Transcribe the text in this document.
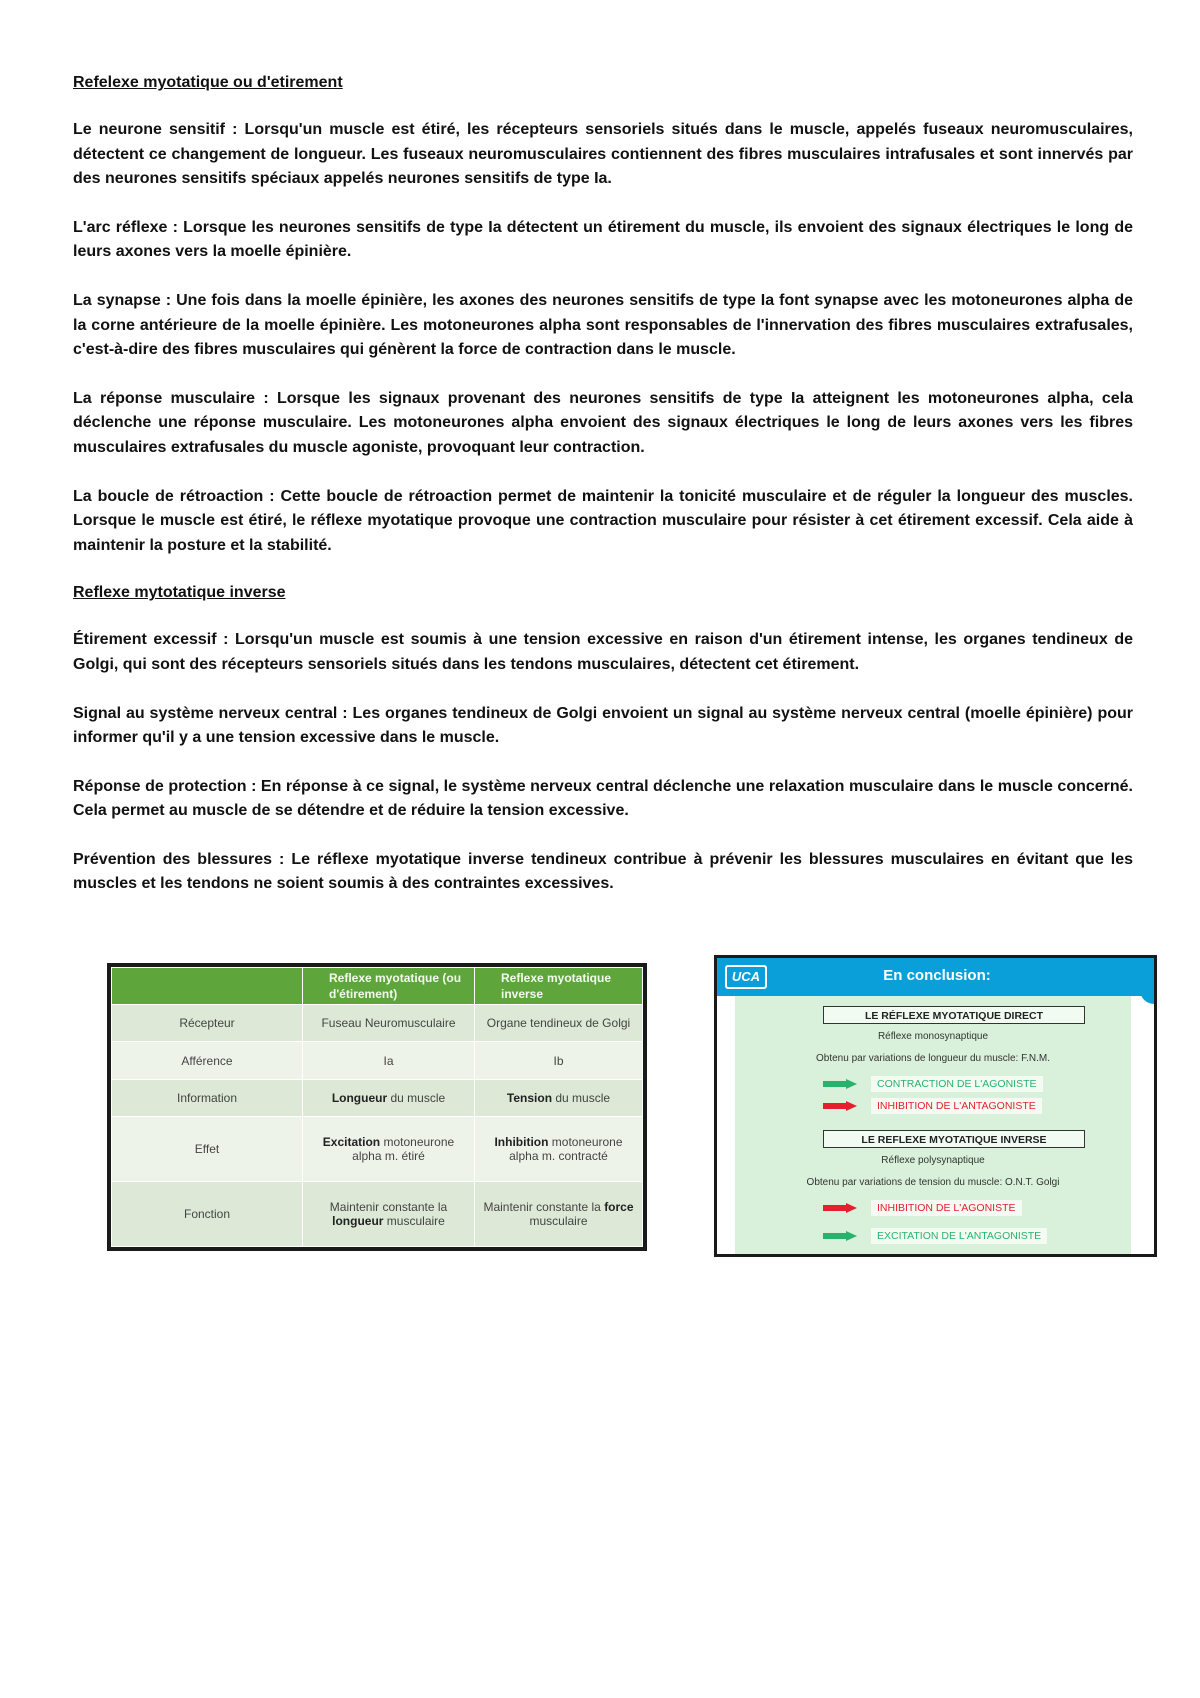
Refelexe myotatique ou d'etirement

Le neurone sensitif : Lorsqu'un muscle est étiré, les récepteurs sensoriels situés dans le muscle, appelés fuseaux neuromusculaires, détectent ce changement de longueur. Les fuseaux neuromusculaires contiennent des fibres musculaires intrafusales et sont innervés par des neurones sensitifs spéciaux appelés neurones sensitifs de type Ia.

L'arc réflexe : Lorsque les neurones sensitifs de type Ia détectent un étirement du muscle, ils envoient des signaux électriques le long de leurs axones vers la moelle épinière.

La synapse : Une fois dans la moelle épinière, les axones des neurones sensitifs de type Ia font synapse avec les motoneurones alpha de la corne antérieure de la moelle épinière. Les motoneurones alpha sont responsables de l'innervation des fibres musculaires extrafusales, c'est-à-dire des fibres musculaires qui génèrent la force de contraction dans le muscle.

La réponse musculaire : Lorsque les signaux provenant des neurones sensitifs de type Ia atteignent les motoneurones alpha, cela déclenche une réponse musculaire. Les motoneurones alpha envoient des signaux électriques le long de leurs axones vers les fibres musculaires extrafusales du muscle agoniste, provoquant leur contraction.

La boucle de rétroaction : Cette boucle de rétroaction permet de maintenir la tonicité musculaire et de réguler la longueur des muscles. Lorsque le muscle est étiré, le réflexe myotatique provoque une contraction musculaire pour résister à cet étirement excessif. Cela aide à maintenir la posture et la stabilité.

Reflexe mytotatique inverse

Étirement excessif : Lorsqu'un muscle est soumis à une tension excessive en raison d'un étirement intense, les organes tendineux de Golgi, qui sont des récepteurs sensoriels situés dans les tendons musculaires, détectent cet étirement.

Signal au système nerveux central : Les organes tendineux de Golgi envoient un signal au système nerveux central (moelle épinière) pour informer qu'il y a une tension excessive dans le muscle.

Réponse de protection : En réponse à ce signal, le système nerveux central déclenche une relaxation musculaire dans le muscle concerné. Cela permet au muscle de se détendre et de réduire la tension excessive.

Prévention des blessures : Le réflexe myotatique inverse tendineux contribue à prévenir les blessures musculaires en évitant que les muscles et les tendons ne soient soumis à des contraintes excessives.

	Reflexe myotatique (ou d'étirement)	Reflexe myotatique inverse
Récepteur	Fuseau Neuromusculaire	Organe tendineux de Golgi
Afférence	Ia	Ib
Information	Longueur du muscle	Tension du muscle
Effet	Excitation motoneurone alpha m. étiré	Inhibition motoneurone alpha m. contracté
Fonction	Maintenir constante la longueur musculaire	Maintenir constante la force musculaire
UCA	En conclusion:
LE RÉFLEXE MYOTATIQUE DIRECT
Réflexe monosynaptique
Obtenu par variations de longueur du muscle: F.N.M.
CONTRACTION DE L'AGONISTE
INHIBITION DE L'ANTAGONISTE
LE REFLEXE MYOTATIQUE INVERSE
Réflexe polysynaptique
Obtenu par variations de tension du muscle: O.N.T. Golgi
INHIBITION DE L'AGONISTE
EXCITATION DE L'ANTAGONISTE
